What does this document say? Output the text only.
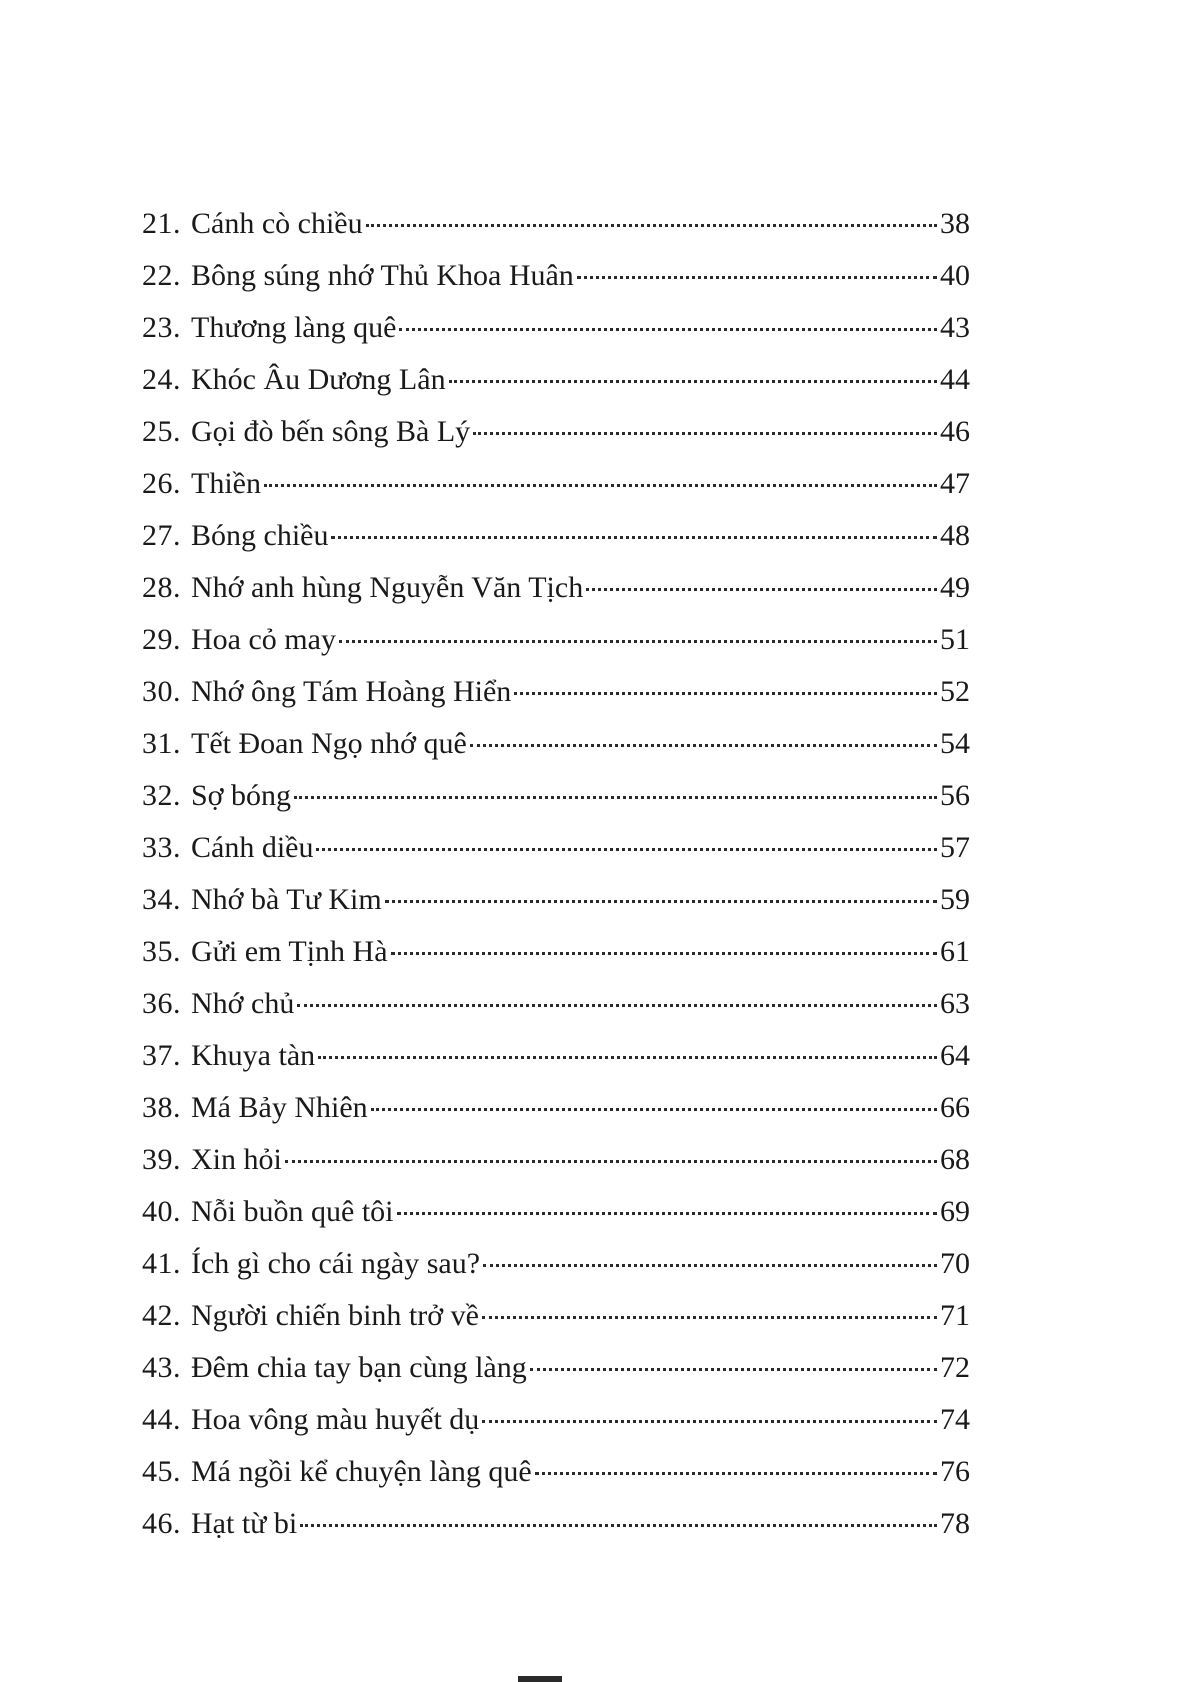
21. Cánh cò chiều	38
22. Bông súng nhớ Thủ Khoa Huân	40
23. Thương làng quê	43
24. Khóc Âu Dương Lân	44
25. Gọi đò bến sông Bà Lý	46
26. Thiền	47
27. Bóng chiều	48
28. Nhớ anh hùng Nguyễn Văn Tịch	49
29. Hoa cỏ may	51
30. Nhớ ông Tám Hoàng Hiển	52
31. Tết Đoan Ngọ nhớ quê	54
32. Sợ bóng	56
33. Cánh diều	57
34. Nhớ bà Tư Kim	59
35. Gửi em Tịnh Hà	61
36. Nhớ chủ	63
37. Khuya tàn	64
38. Má Bảy Nhiên	66
39. Xin hỏi	68
40. Nỗi buồn quê tôi	69
41. Ích gì cho cái ngày sau?	70
42. Người chiến binh trở về	71
43. Đêm chia tay bạn cùng làng	72
44. Hoa vông màu huyết dụ	74
45. Má ngồi kể chuyện làng quê	76
46. Hạt từ bi	78
